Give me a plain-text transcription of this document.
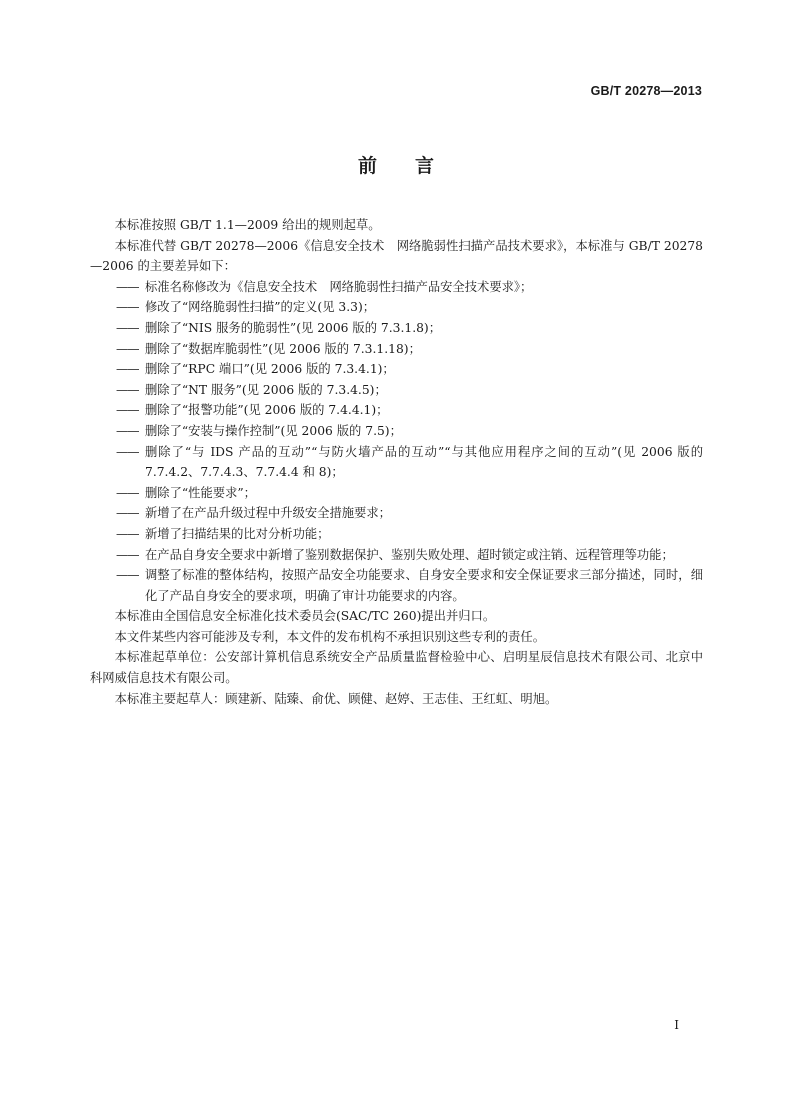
GB/T 20278—2013
前言

本标准按照 GB/T 1.1—2009 给出的规则起草。

本标准代替 GB/T 20278—2006《信息安全技术　网络脆弱性扫描产品技术要求》，本标准与 GB/T 20278—2006 的主要差异如下：

—— 标准名称修改为《信息安全技术　网络脆弱性扫描产品安全技术要求》；

—— 修改了“网络脆弱性扫描”的定义(见 3.3)；

—— 删除了“NIS 服务的脆弱性”(见 2006 版的 7.3.1.8)；

—— 删除了“数据库脆弱性”(见 2006 版的 7.3.1.18)；

—— 删除了“RPC 端口”(见 2006 版的 7.3.4.1)；

—— 删除了“NT 服务”(见 2006 版的 7.3.4.5)；

—— 删除了“报警功能”(见 2006 版的 7.4.4.1)；

—— 删除了“安装与操作控制”(见 2006 版的 7.5)；

—— 删除了“与 IDS 产品的互动”“与防火墙产品的互动”“与其他应用程序之间的互动”(见 2006 版的 7.7.4.2、7.7.4.3、7.7.4.4 和 8)；

—— 删除了“性能要求”；

—— 新增了在产品升级过程中升级安全措施要求；

—— 新增了扫描结果的比对分析功能；

—— 在产品自身安全要求中新增了鉴别数据保护、鉴别失败处理、超时锁定或注销、远程管理等功能；

—— 调整了标准的整体结构，按照产品安全功能要求、自身安全要求和安全保证要求三部分描述，同时，细化了产品自身安全的要求项，明确了审计功能要求的内容。

本标准由全国信息安全标准化技术委员会(SAC/TC 260)提出并归口。

本文件某些内容可能涉及专利，本文件的发布机构不承担识别这些专利的责任。

本标准起草单位：公安部计算机信息系统安全产品质量监督检验中心、启明星辰信息技术有限公司、北京中科网威信息技术有限公司。

本标准主要起草人：顾建新、陆臻、俞优、顾健、赵婷、王志佳、王红虹、明旭。

I
